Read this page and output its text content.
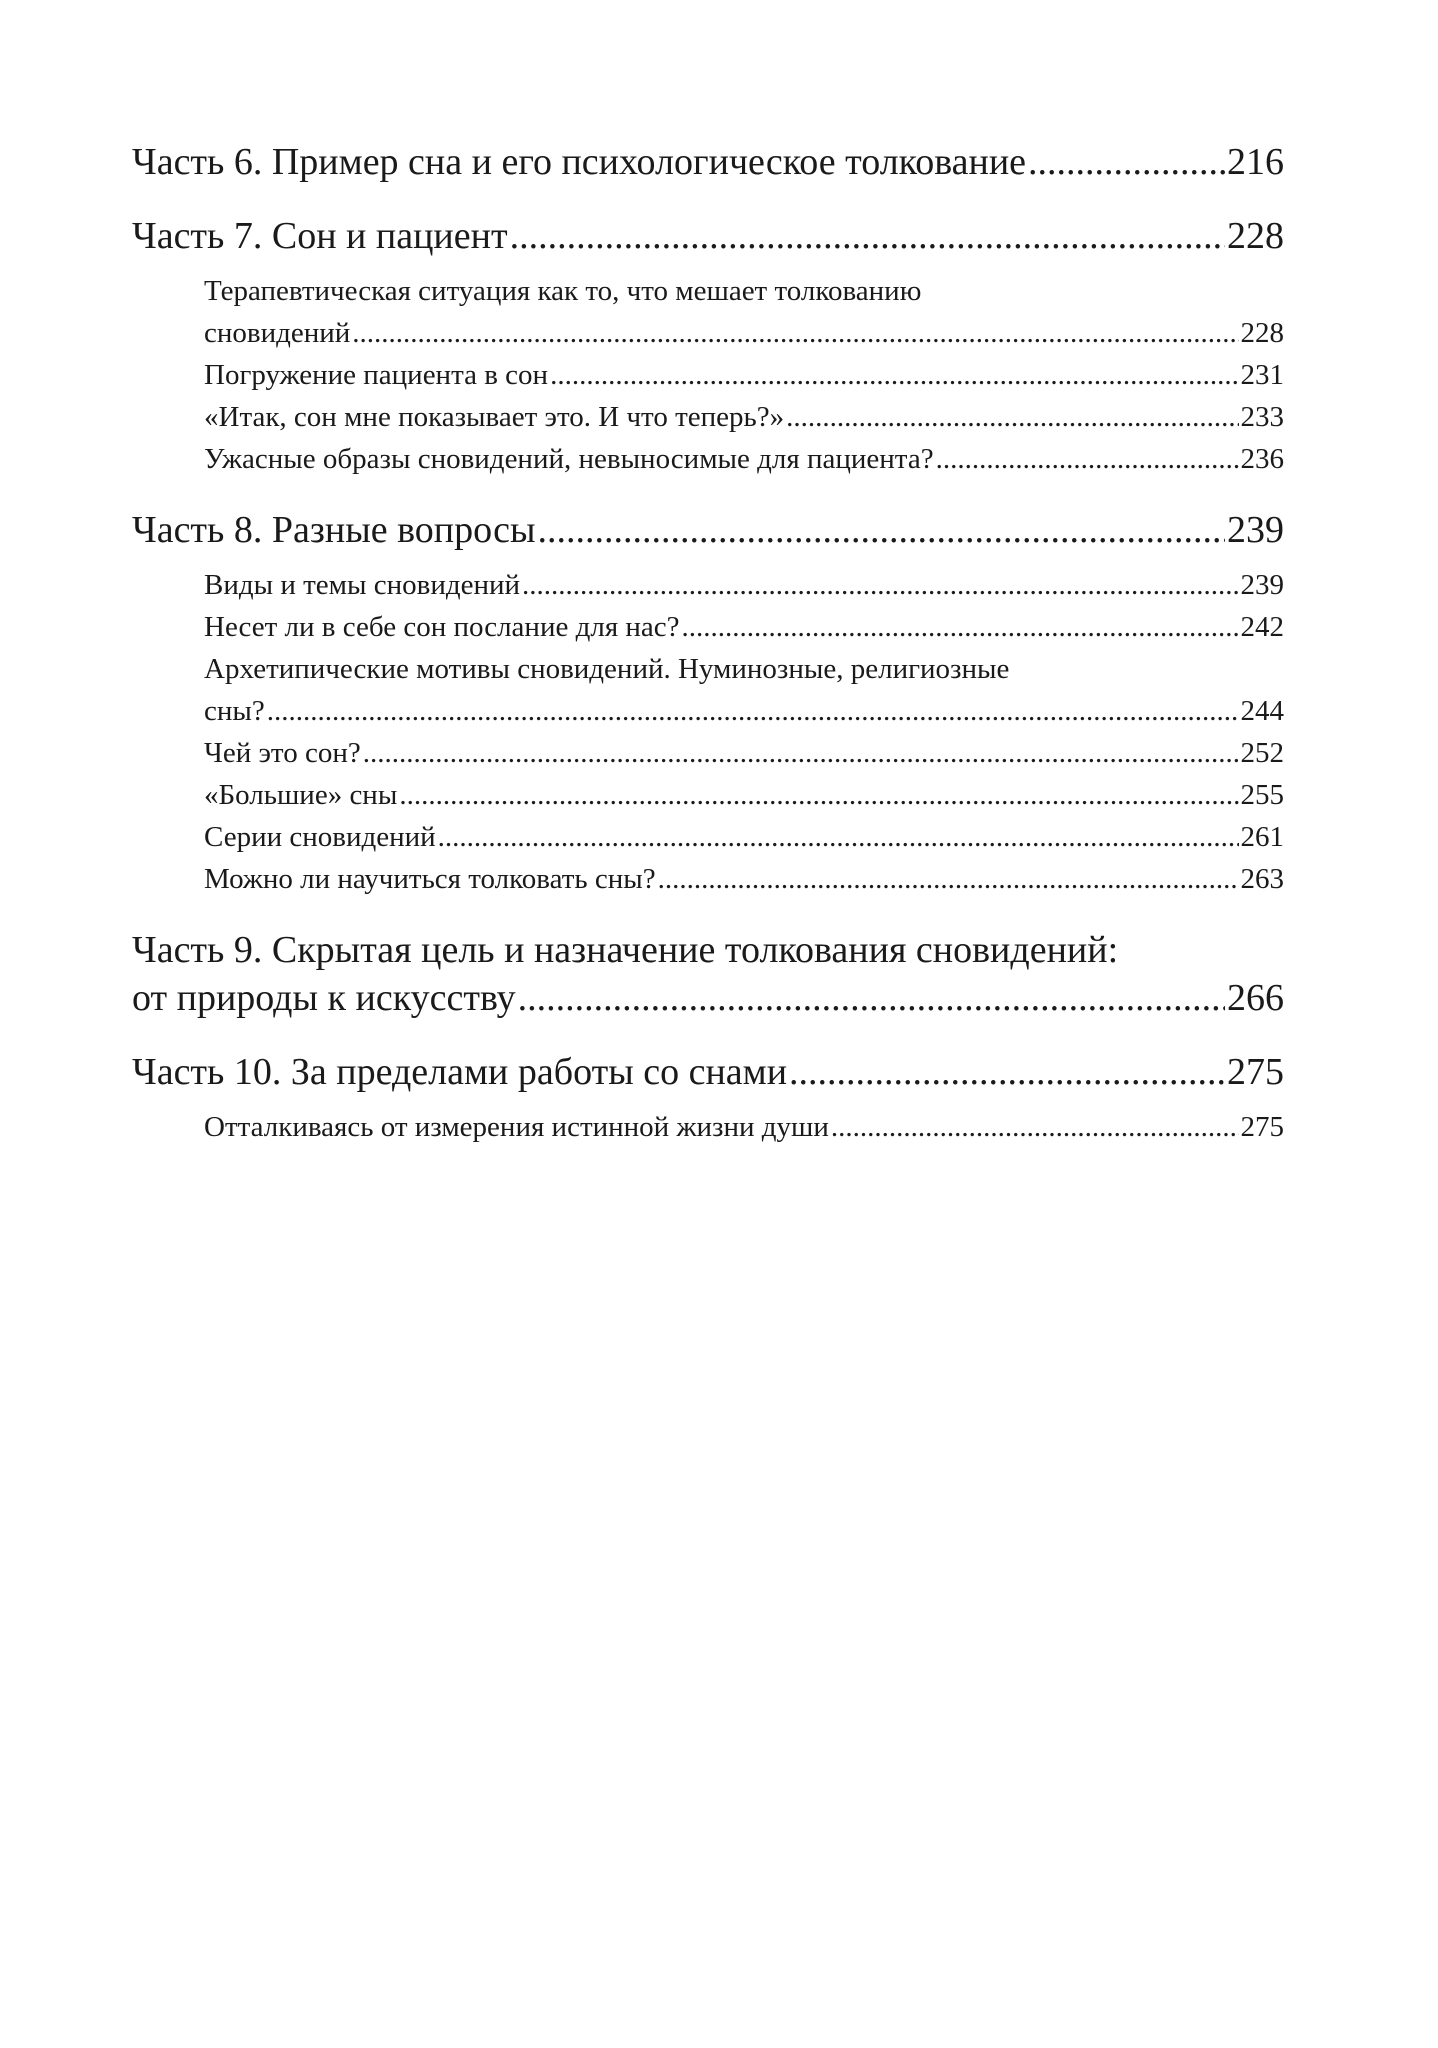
Часть 6. Пример сна и его психологическое толкование .....	216
Часть 7. Сон и пациент .....	228
Терапевтическая ситуация как то, что мешает толкованию
сновидений .....	228
Погружение пациента в сон .....	231
«Итак, сон мне показывает это. И что теперь?» .....	233
Ужасные образы сновидений, невыносимые для пациента? .....	236
Часть 8. Разные вопросы .....	239
Виды и темы сновидений .....	239
Несет ли в себе сон послание для нас? .....	242
Архетипические мотивы сновидений. Нуминозные, религиозные
сны? .....	244
Чей это сон? .....	252
«Большие» сны .....	255
Серии сновидений .....	261
Можно ли научиться толковать сны? .....	263
Часть 9. Скрытая цель и назначение толкования сновидений:
от природы к искусству .....	266
Часть 10. За пределами работы со снами .....	275
Отталкиваясь от измерения истинной жизни души .....	275
